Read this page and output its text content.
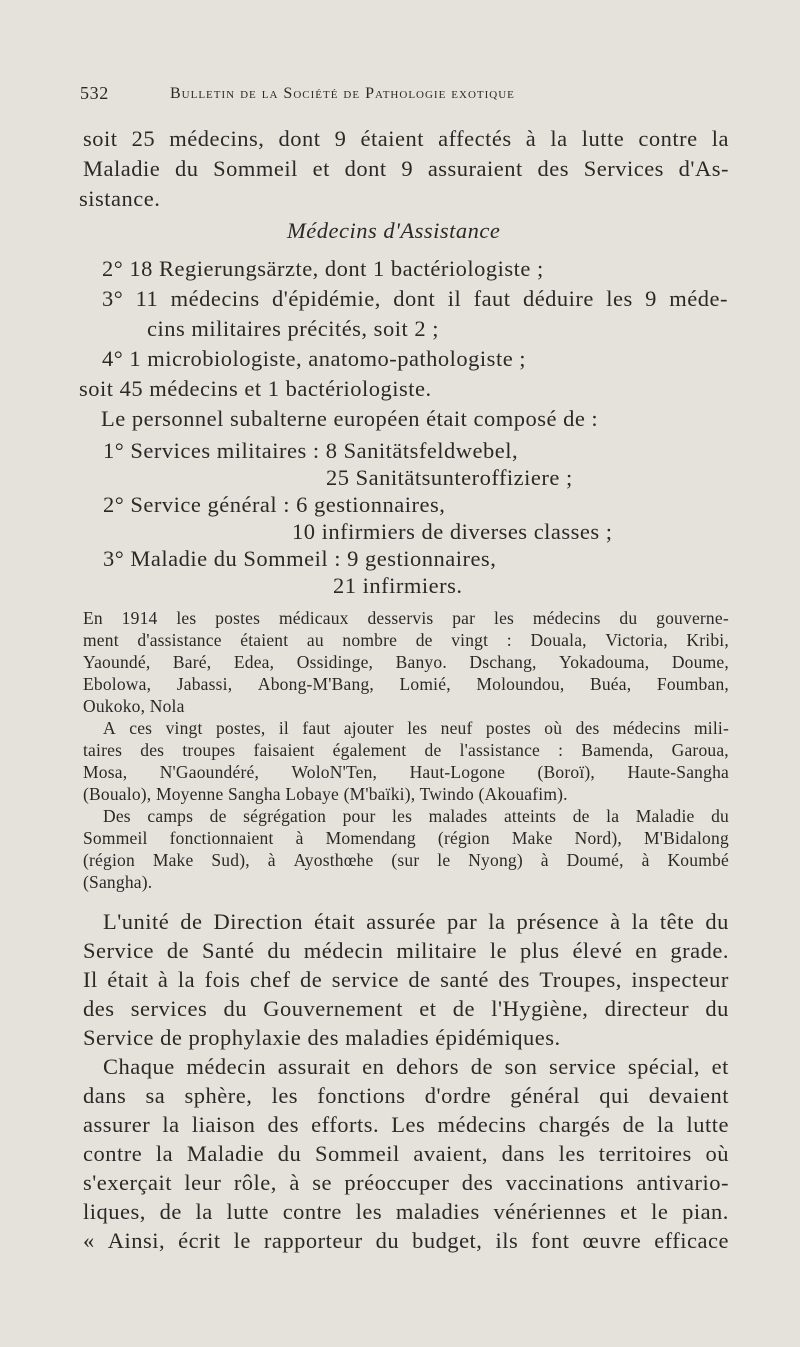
532	Bulletin de la Société de Pathologie exotique
soit 25 médecins, dont 9 étaient affectés à la lutte contre la
Maladie du Sommeil et dont 9 assuraient des Services d'As-
sistance.
Médecins d'Assistance
2° 18 Regierungsärzte, dont 1 bactériologiste ;
3° 11 médecins d'épidémie, dont il faut déduire les 9 méde-
cins militaires précités, soit 2 ;
4° 1 microbiologiste, anatomo-pathologiste ;
soit 45 médecins et 1 bactériologiste.
Le personnel subalterne européen était composé de :
1° Services militaires : 8 Sanitätsfeldwebel,
25 Sanitätsunteroffiziere ;
2° Service général : 6 gestionnaires,
10 infirmiers de diverses classes ;
3° Maladie du Sommeil : 9 gestionnaires,
21 infirmiers.
En 1914 les postes médicaux desservis par les médecins du gouverne-
ment d'assistance étaient au nombre de vingt : Douala, Victoria, Kribi,
Yaoundé, Baré, Edea, Ossidinge, Banyo. Dschang, Yokadouma, Doume,
Ebolowa, Jabassi, Abong-M'Bang, Lomié, Moloundou, Buéa, Foumban,
Oukoko, Nola
A ces vingt postes, il faut ajouter les neuf postes où des médecins mili-
taires des troupes faisaient également de l'assistance : Bamenda, Garoua,
Mosa, N'Gaoundéré, WoloN'Ten, Haut-Logone (Boroï), Haute-Sangha
(Boualo), Moyenne Sangha Lobaye (M'baïki), Twindo (Akouafim).
Des camps de ségrégation pour les malades atteints de la Maladie du
Sommeil fonctionnaient à Momendang (région Make Nord), M'Bidalong
(région Make Sud), à Ayosthœhe (sur le Nyong) à Doumé, à Koumbé
(Sangha).
L'unité de Direction était assurée par la présence à la tête du
Service de Santé du médecin militaire le plus élevé en grade.
Il était à la fois chef de service de santé des Troupes, inspecteur
des services du Gouvernement et de l'Hygiène, directeur du
Service de prophylaxie des maladies épidémiques.
Chaque médecin assurait en dehors de son service spécial, et
dans sa sphère, les fonctions d'ordre général qui devaient
assurer la liaison des efforts. Les médecins chargés de la lutte
contre la Maladie du Sommeil avaient, dans les territoires où
s'exerçait leur rôle, à se préoccuper des vaccinations antivario-
liques, de la lutte contre les maladies vénériennes et le pian.
« Ainsi, écrit le rapporteur du budget, ils font œuvre efficace
